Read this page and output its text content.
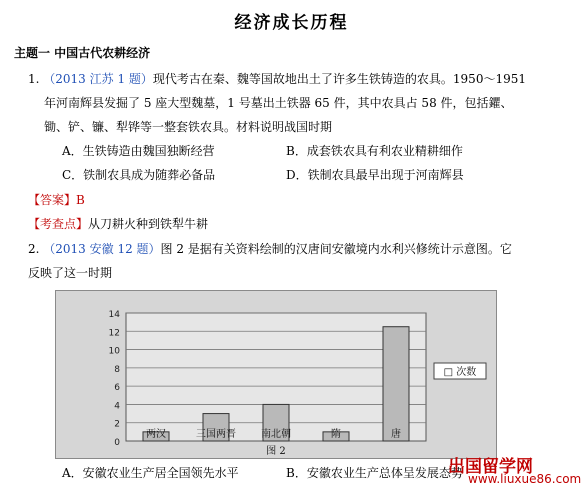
经济成长历程
主题一 中国古代农耕经济
1. （2013 江苏 1 题）现代考古在秦、魏等国故地出土了许多生铁铸造的农具。1950～1951
年河南辉县发掘了 5 座大型魏墓，1 号墓出土铁器 65 件，其中农具占 58 件，包括鑺、
锄、铲、镰、犁铧等一整套铁农具。材料说明战国时期
A．生铁铸造由魏国独断经营	B．成套铁农具有利农业精耕细作
C．铁制农具成为随葬必备品	D．铁制农具最早出现于河南辉县
【答案】B
【考查点】从刀耕火种到铁犁牛耕
2. （2013 安徽 12 题）图 2 是据有关资料绘制的汉唐间安徽境内水利兴修统计示意图。它
反映了这一时期
0
2
4
6
8
10
12
14
两汉	三国两晋	南北朝	隋	唐
□ 次数
图 2
A．安徽农业生产居全国领先水平	B．安徽农业生产总体呈发展态势
出国留学网
www.liuxue86.com
